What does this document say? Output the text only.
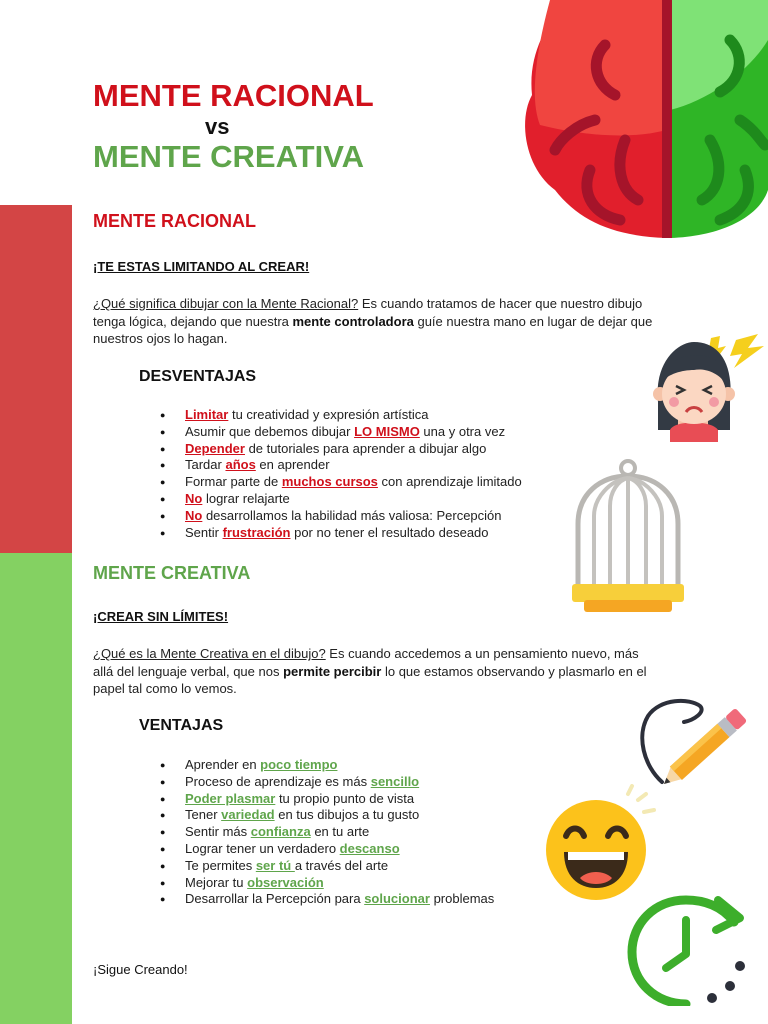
MENTE RACIONAL
vs
MENTE CREATIVA
MENTE RACIONAL
¡TE ESTAS LIMITANDO AL CREAR!
¿Qué significa dibujar con la Mente Racional? Es cuando tratamos de hacer que nuestro dibujo tenga lógica, dejando que nuestra mente controladora guíe nuestra mano en lugar de dejar que nuestros ojos lo hagan.
DESVENTAJAS
● Limitar tu creatividad y expresión artística
● Asumir que debemos dibujar LO MISMO una y otra vez
● Depender de tutoriales para aprender a dibujar algo
● Tardar años en aprender
● Formar parte de muchos cursos con aprendizaje limitado
● No lograr relajarte
● No desarrollamos la habilidad más valiosa: Percepción
● Sentir frustración por no tener el resultado deseado
MENTE CREATIVA
¡CREAR SIN LÍMITES!
¿Qué es la Mente Creativa en el dibujo? Es cuando accedemos a un pensamiento nuevo, más allá del lenguaje verbal, que nos permite percibir lo que estamos observando y plasmarlo en el papel tal como lo vemos.
VENTAJAS
● Aprender en poco tiempo
● Proceso de aprendizaje es más sencillo
● Poder plasmar tu propio punto de vista
● Tener variedad en tus dibujos a tu gusto
● Sentir más confianza en tu arte
● Lograr tener un verdadero descanso
● Te permites ser tú a través del arte
● Mejorar tu observación
● Desarrollar la Percepción para solucionar problemas
¡Sigue Creando!
